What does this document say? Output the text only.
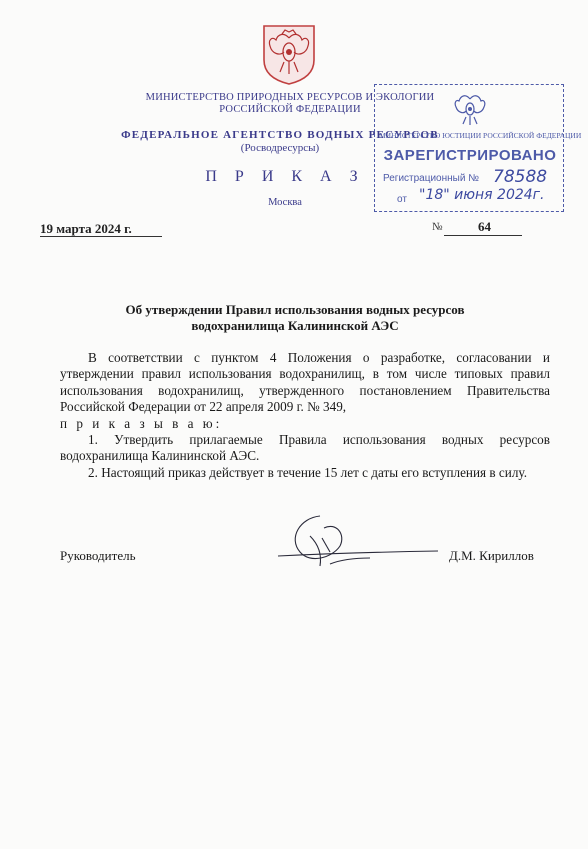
МИНИСТЕРСТВО ПРИРОДНЫХ РЕСУРСОВ И ЭКОЛОГИИ
РОССИЙСКОЙ ФЕДЕРАЦИИ
ФЕДЕРАЛЬНОЕ АГЕНТСТВО ВОДНЫХ РЕСУРСОВ
(Росводресурсы)
П Р И К А З
Москва
19 марта 2024 г.	№	64
МИНИСТЕРСТВО ЮСТИЦИИ РОССИЙСКОЙ ФЕДЕРАЦИИ
ЗАРЕГИСТРИРОВАНО
Регистрационный № 78588
от "18" июня 2024г.
Об утверждении Правил использования водных ресурсов
водохранилища Калининской АЭС

В соответствии с пунктом 4 Положения о разработке, согласовании и утверждении правил использования водохранилищ, в том числе типовых правил использования водохранилищ, утвержденного постановлением Правительства Российской Федерации от 22 апреля 2009 г. № 349,

п р и к а з ы в а ю:

1. Утвердить прилагаемые Правила использования водных ресурсов водохранилища Калининской АЭС.

2. Настоящий приказ действует в течение 15 лет с даты его вступления в силу.

Руководитель	Д.М. Кириллов
